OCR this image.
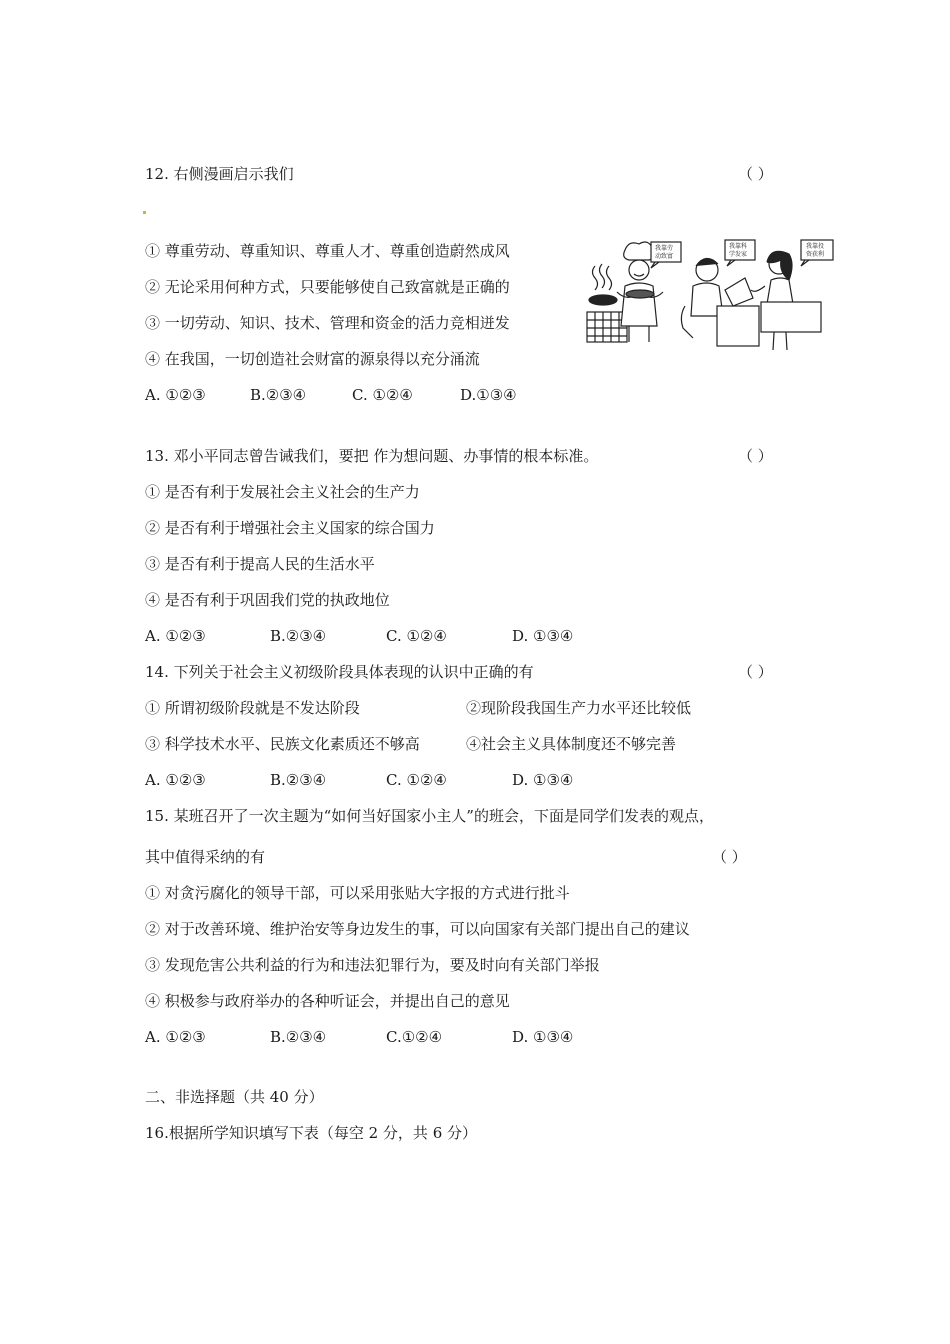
12. 右侧漫画启示我们	（ ）
① 尊重劳动、尊重知识、尊重人才、尊重创造蔚然成风
② 无论采用何种方式，只要能够使自己致富就是正确的
③ 一切劳动、知识、技术、管理和资金的活力竞相迸发
④ 在我国，一切创造社会财富的源泉得以充分涌流
我靠劳
动致富
我靠科
学发家
我靠投
资获利
A. ①②③	B.②③④	C. ①②④	D.①③④
13. 邓小平同志曾告诫我们，要把 作为想问题、办事情的根本标准。	（ ）
① 是否有利于发展社会主义社会的生产力
② 是否有利于增强社会主义国家的综合国力
③ 是否有利于提高人民的生活水平
④ 是否有利于巩固我们党的执政地位
A. ①②③	B.②③④	C. ①②④	D. ①③④
14. 下列关于社会主义初级阶段具体表现的认识中正确的有	（ ）
① 所谓初级阶段就是不发达阶段	②现阶段我国生产力水平还比较低
③ 科学技术水平、民族文化素质还不够高	④社会主义具体制度还不够完善
A. ①②③	B.②③④	C. ①②④	D. ①③④
15. 某班召开了一次主题为“如何当好国家小主人”的班会，下面是同学们发表的观点，
其中值得采纳的有	（ ）
① 对贪污腐化的领导干部，可以采用张贴大字报的方式进行批斗
② 对于改善环境、维护治安等身边发生的事，可以向国家有关部门提出自己的建议
③ 发现危害公共利益的行为和违法犯罪行为，要及时向有关部门举报
④ 积极参与政府举办的各种听证会，并提出自己的意见
A. ①②③	B.②③④	C.①②④	D. ①③④
二、非选择题（共 40 分）
16.根据所学知识填写下表（每空 2 分，共 6 分）
